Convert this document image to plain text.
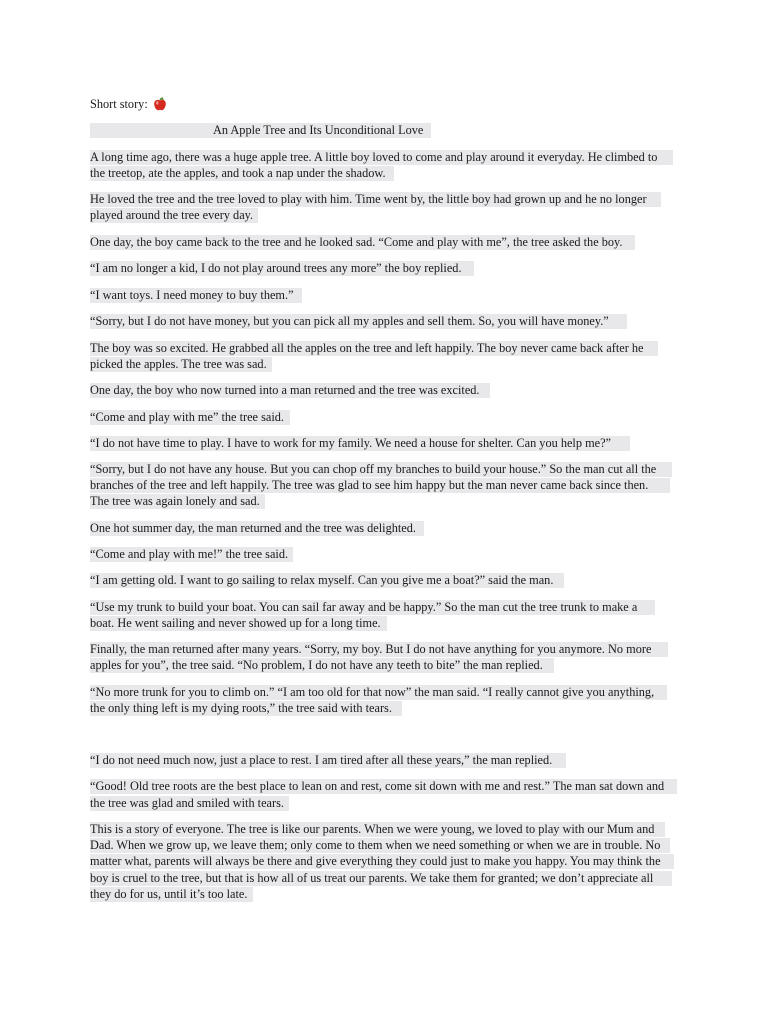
Short story:
An Apple Tree and Its Unconditional Love
A long time ago, there was a huge apple tree. A little boy loved to come and play around it everyday. He climbed to
the treetop, ate the apples, and took a nap under the shadow.
He loved the tree and the tree loved to play with him. Time went by, the little boy had grown up and he no longer
played around the tree every day.
One day, the boy came back to the tree and he looked sad. “Come and play with me”, the tree asked the boy.
“I am no longer a kid, I do not play around trees any more” the boy replied.
“I want toys. I need money to buy them.”
“Sorry, but I do not have money, but you can pick all my apples and sell them. So, you will have money.”
The boy was so excited. He grabbed all the apples on the tree and left happily. The boy never came back after he
picked the apples. The tree was sad.
One day, the boy who now turned into a man returned and the tree was excited.
“Come and play with me” the tree said.
“I do not have time to play. I have to work for my family. We need a house for shelter. Can you help me?”
“Sorry, but I do not have any house. But you can chop off my branches to build your house.” So the man cut all the
branches of the tree and left happily. The tree was glad to see him happy but the man never came back since then.
The tree was again lonely and sad.
One hot summer day, the man returned and the tree was delighted.
“Come and play with me!” the tree said.
“I am getting old. I want to go sailing to relax myself. Can you give me a boat?” said the man.
“Use my trunk to build your boat. You can sail far away and be happy.” So the man cut the tree trunk to make a
boat. He went sailing and never showed up for a long time.
Finally, the man returned after many years. “Sorry, my boy. But I do not have anything for you anymore. No more
apples for you”, the tree said. “No problem, I do not have any teeth to bite” the man replied.
“No more trunk for you to climb on.” “I am too old for that now” the man said. “I really cannot give you anything,
the only thing left is my dying roots,” the tree said with tears.
“I do not need much now, just a place to rest. I am tired after all these years,” the man replied.
“Good! Old tree roots are the best place to lean on and rest, come sit down with me and rest.” The man sat down and
the tree was glad and smiled with tears.
This is a story of everyone. The tree is like our parents. When we were young, we loved to play with our Mum and
Dad. When we grow up, we leave them; only come to them when we need something or when we are in trouble. No
matter what, parents will always be there and give everything they could just to make you happy. You may think the
boy is cruel to the tree, but that is how all of us treat our parents. We take them for granted; we don’t appreciate all
they do for us, until it’s too late.
